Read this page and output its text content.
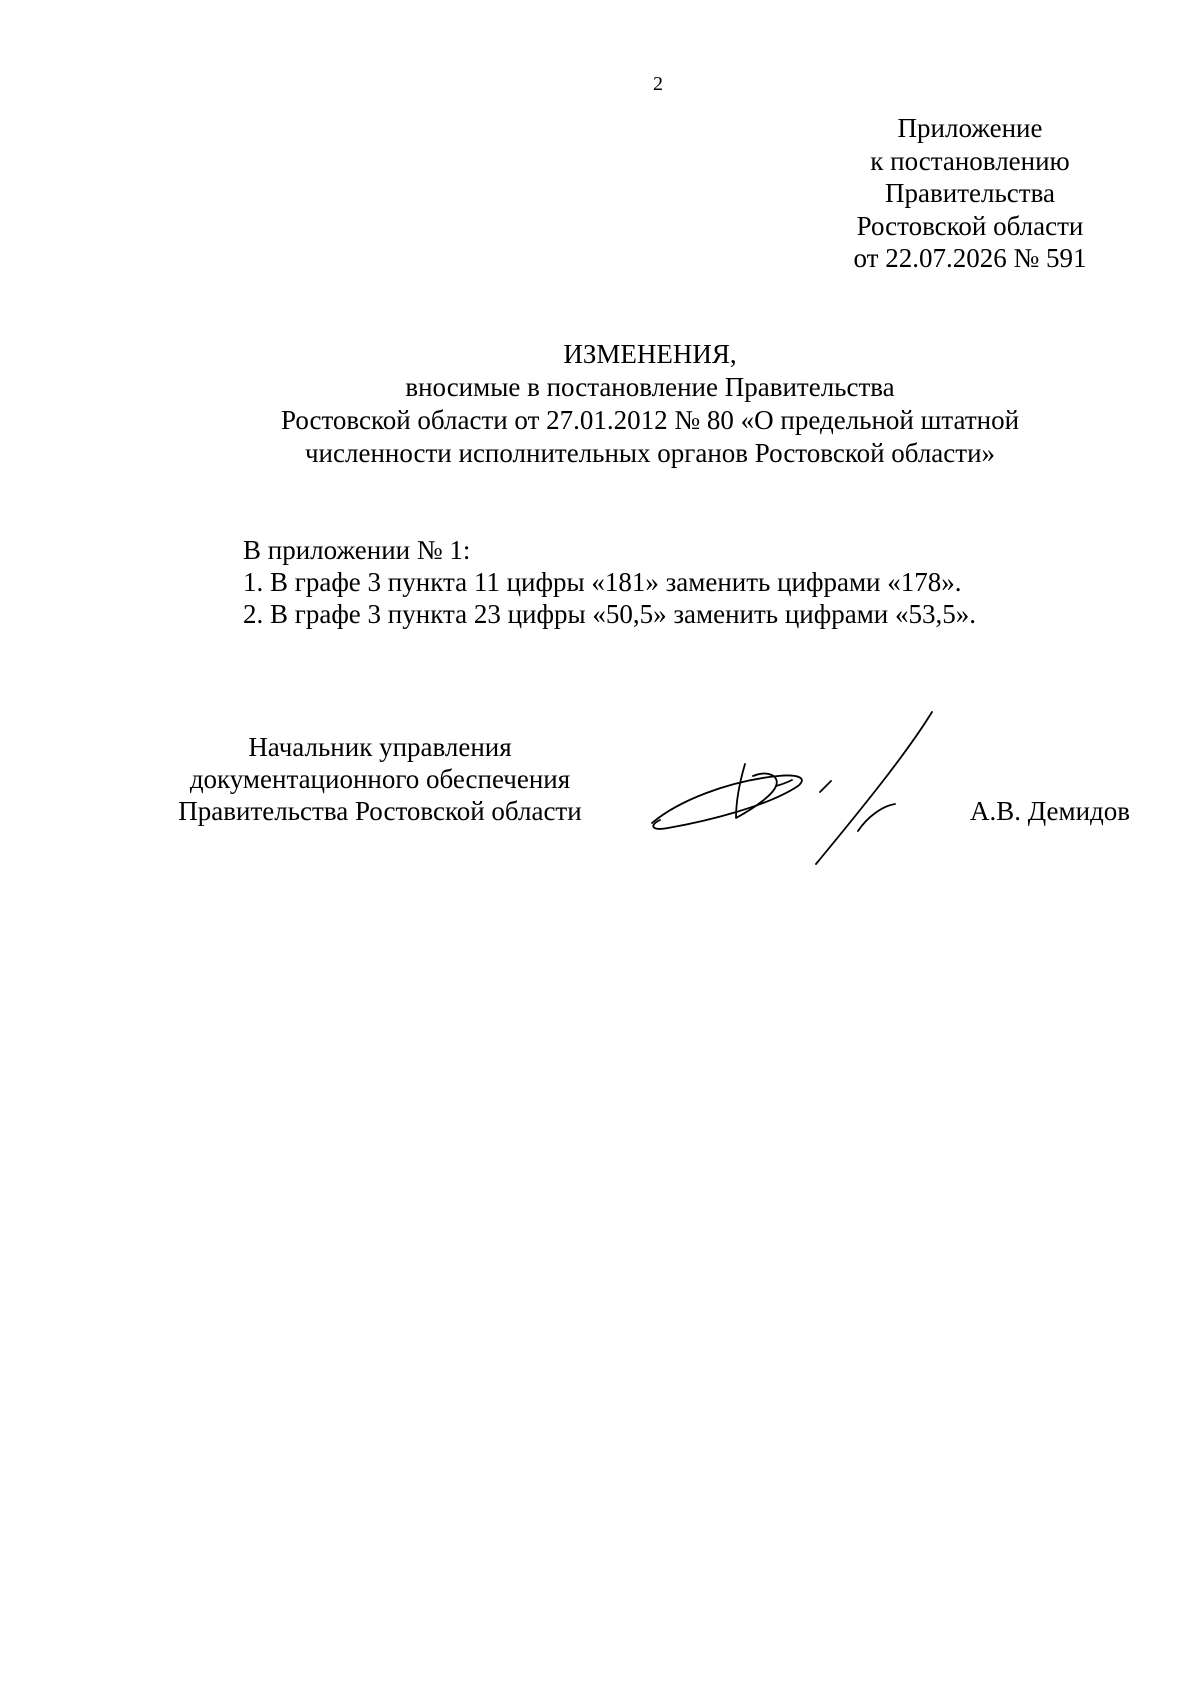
2
Приложение
к постановлению
Правительства
Ростовской области
от 22.07.2026 № 591
ИЗМЕНЕНИЯ,
вносимые в постановление Правительства
Ростовской области от 27.01.2012 № 80 «О предельной штатной
численности исполнительных органов Ростовской области»
В приложении № 1:
1. В графе 3 пункта 11 цифры «181» заменить цифрами «178».
2. В графе 3 пункта 23 цифры «50,5» заменить цифрами «53,5».
Начальник управления
документационного обеспечения
Правительства Ростовской области	А.В. Демидов
